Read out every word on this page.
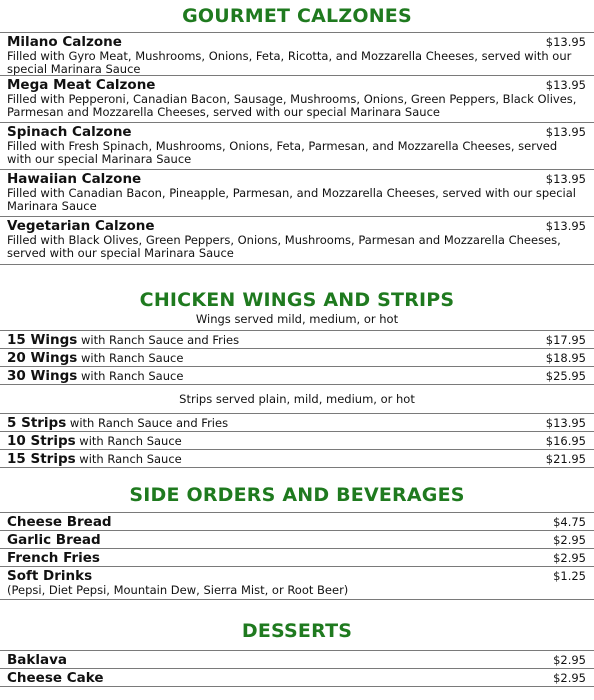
GOURMET CALZONES
Milano Calzone	$13.95
Filled with Gyro Meat, Mushrooms, Onions, Feta, Ricotta, and Mozzarella Cheeses, served with our special Marinara Sauce
Mega Meat Calzone	$13.95
Filled with Pepperoni, Canadian Bacon, Sausage, Mushrooms, Onions, Green Peppers, Black Olives, Parmesan and Mozzarella Cheeses, served with our special Marinara Sauce
Spinach Calzone	$13.95
Filled with Fresh Spinach, Mushrooms, Onions, Feta, Parmesan, and Mozzarella Cheeses, served with our special Marinara Sauce
Hawaiian Calzone	$13.95
Filled with Canadian Bacon, Pineapple, Parmesan, and Mozzarella Cheeses, served with our special Marinara Sauce
Vegetarian Calzone	$13.95
Filled with Black Olives, Green Peppers, Onions, Mushrooms, Parmesan and Mozzarella Cheeses, served with our special Marinara Sauce
CHICKEN WINGS AND STRIPS
Wings served mild, medium, or hot
15 Wings with Ranch Sauce and Fries	$17.95
20 Wings with Ranch Sauce	$18.95
30 Wings with Ranch Sauce	$25.95
Strips served plain, mild, medium, or hot
5 Strips with Ranch Sauce and Fries	$13.95
10 Strips with Ranch Sauce	$16.95
15 Strips with Ranch Sauce	$21.95
SIDE ORDERS AND BEVERAGES
Cheese Bread	$4.75
Garlic Bread	$2.95
French Fries	$2.95
Soft Drinks	$1.25
(Pepsi, Diet Pepsi, Mountain Dew, Sierra Mist, or Root Beer)
DESSERTS
Baklava	$2.95
Cheese Cake	$2.95
